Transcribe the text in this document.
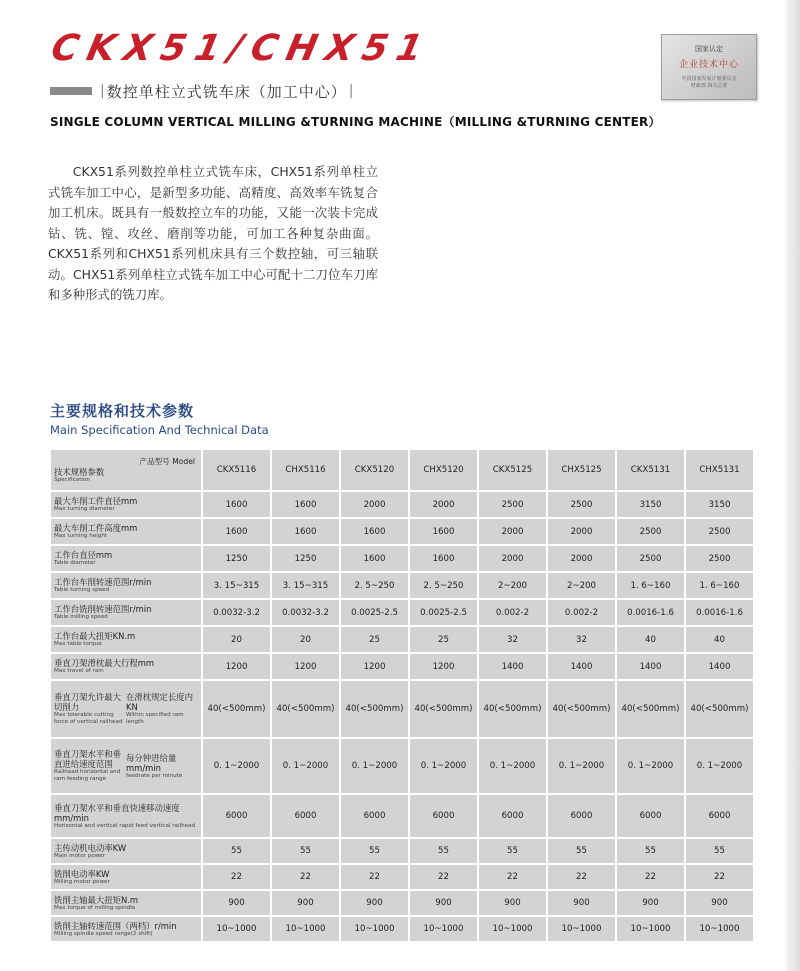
CKX51/CHX51
| 数控单柱立式铣车床（加工中心） |
SINGLE COLUMN VERTICAL MILLING &TURNING MACHINE（MILLING &TURNING CENTER）
国家认定
企业技术中心
中国国家发展计划委员会
财政部 海关总署
CKX51系列数控单柱立式铣车床，CHX51系列单柱立式铣车加工中心，是新型多功能、高精度、高效率车铣复合加工机床。既具有一般数控立车的功能，又能一次装卡完成钻、铣、镗、攻丝、磨削等功能，可加工各种复杂曲面。CKX51系列和CHX51系列机床具有三个数控轴，可三轴联动。CHX51系列单柱立式铣车加工中心可配十二刀位车刀库和多种形式的铣刀库。
主要规格和技术参数
Main Specification And Technical Data
产品型号 Model
技术规格参数
Specification	CKX5116	CHX5116	CKX5120	CHX5120	CKX5125	CHX5125	CKX5131	CHX5131

最大车削工件直径mm
Max turning diameter	1600	1600	2000	2000	2500	2500	3150	3150

最大车削工件高度mm
Max turning height	1600	1600	1600	1600	2000	2000	2500	2500

工作台直径mm
Table diameter	1250	1250	1600	1600	2000	2000	2500	2500

工作台车削转速范围r/min
Table turning speed	3. 15~315	3. 15~315	2. 5~250	2. 5~250	2~200	2~200	1. 6~160	1. 6~160

工作台铣削转速范围r/min
Table milling speed	0.0032-3.2	0.0032-3.2	0.0025-2.5	0.0025-2.5	0.002-2	0.002-2	0.0016-1.6	0.0016-1.6

工作台最大扭矩KN.m
Max table torque	20	20	25	25	32	32	40	40

垂直刀架滑枕最大行程mm
Max travel of ram	1200	1200	1200	1200	1400	1400	1400	1400

垂直刀架允许最大切削力
Max tolerable cutting force of vertical railhead
在滑枕规定长度内KN
Within specified ram length	40(<500mm)	40(<500mm)	40(<500mm)	40(<500mm)	40(<500mm)	40(<500mm)	40(<500mm)	40(<500mm)

垂直刀架水平和垂直进给速度范围
Railhead horizontal and ram feeding range
每分钟进给量mm/min
feedrate per minute	0. 1~2000	0. 1~2000	0. 1~2000	0. 1~2000	0. 1~2000	0. 1~2000	0. 1~2000	0. 1~2000

垂直刀架水平和垂直快速移动速度mm/min
Horizontal and vertical rapid feed vertical railhead	6000	6000	6000	6000	6000	6000	6000	6000

主传动机电动率KW
Main motor power	55	55	55	55	55	55	55	55

铣削电动率KW
Milling motor power	22	22	22	22	22	22	22	22

铣削主轴最大扭矩N.m
Max torque of milling spindle	900	900	900	900	900	900	900	900

铣削主轴转速范围（两档）r/min
Milling spindle speed range(2 shift)	10~1000	10~1000	10~1000	10~1000	10~1000	10~1000	10~1000	10~1000
